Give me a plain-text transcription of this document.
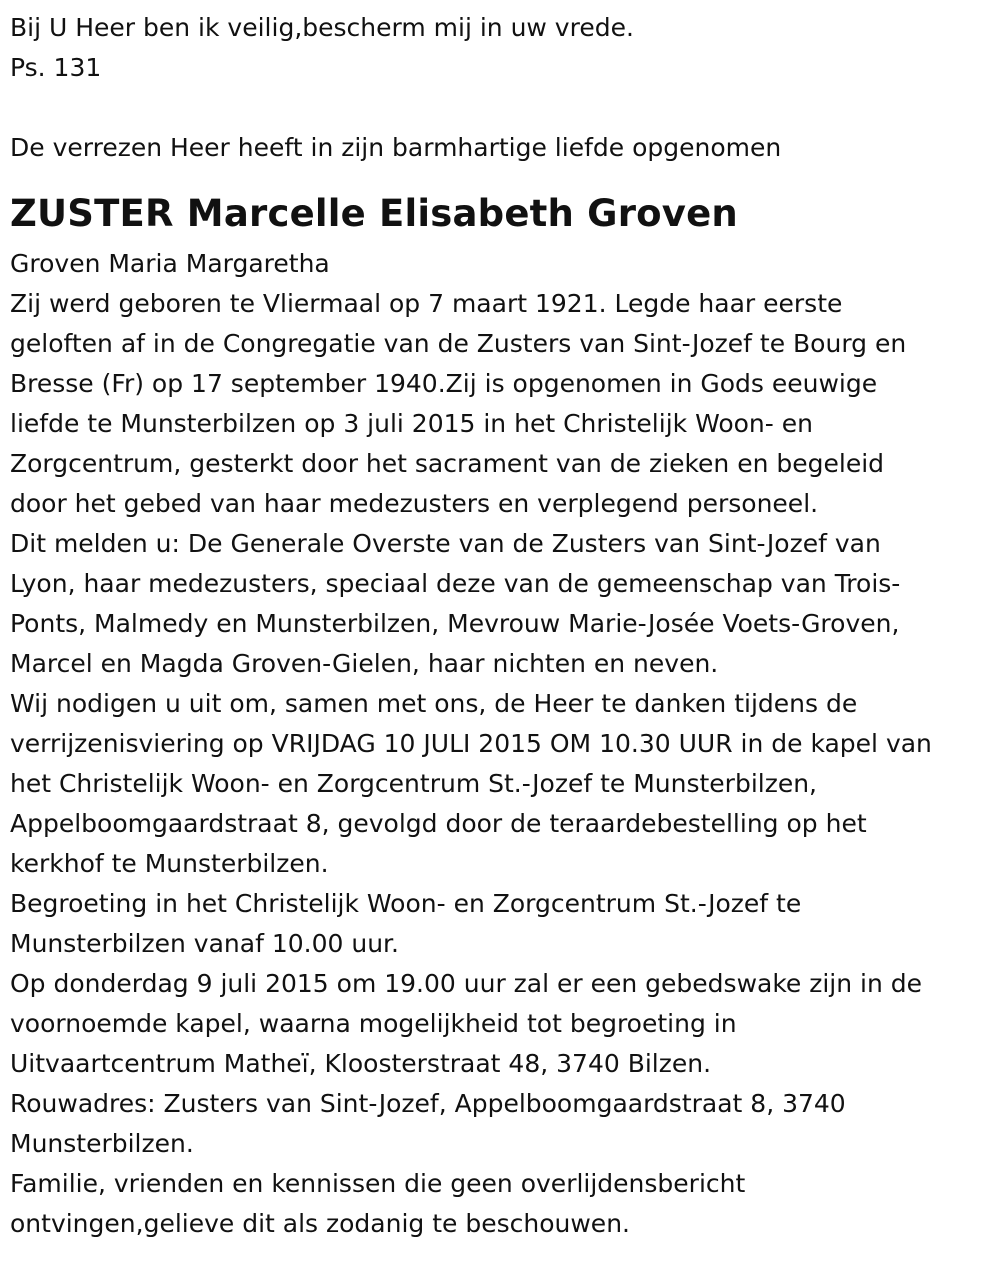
Bij U Heer ben ik veilig,bescherm mij in uw vrede.

Ps. 131

De verrezen Heer heeft in zijn barmhartige liefde opgenomen

ZUSTER Marcelle Elisabeth Groven

Groven Maria Margaretha

Zij werd geboren te Vliermaal op 7 maart 1921. Legde haar eerste

geloften af in de Congregatie van de Zusters van Sint-Jozef te Bourg en

Bresse (Fr) op 17 september 1940.Zij is opgenomen in Gods eeuwige

liefde te Munsterbilzen op 3 juli 2015 in het Christelijk Woon- en

Zorgcentrum, gesterkt door het sacrament van de zieken en begeleid

door het gebed van haar medezusters en verplegend personeel.

Dit melden u: De Generale Overste van de Zusters van Sint-Jozef van

Lyon, haar medezusters, speciaal deze van de gemeenschap van Trois-

Ponts, Malmedy en Munsterbilzen, Mevrouw Marie-Josée Voets-Groven,

Marcel en Magda Groven-Gielen, haar nichten en neven.

Wij nodigen u uit om, samen met ons, de Heer te danken tijdens de

verrijzenisviering op VRIJDAG 10 JULI 2015 OM 10.30 UUR in de kapel van

het Christelijk Woon- en Zorgcentrum St.-Jozef te Munsterbilzen,

Appelboomgaardstraat 8, gevolgd door de teraardebestelling op het

kerkhof te Munsterbilzen.

Begroeting in het Christelijk Woon- en Zorgcentrum St.-Jozef te

Munsterbilzen vanaf 10.00 uur.

Op donderdag 9 juli 2015 om 19.00 uur zal er een gebedswake zijn in de

voornoemde kapel, waarna mogelijkheid tot begroeting in

Uitvaartcentrum Matheï, Kloosterstraat 48, 3740 Bilzen.

Rouwadres: Zusters van Sint-Jozef, Appelboomgaardstraat 8, 3740

Munsterbilzen.

Familie, vrienden en kennissen die geen overlijdensbericht

ontvingen,gelieve dit als zodanig te beschouwen.
